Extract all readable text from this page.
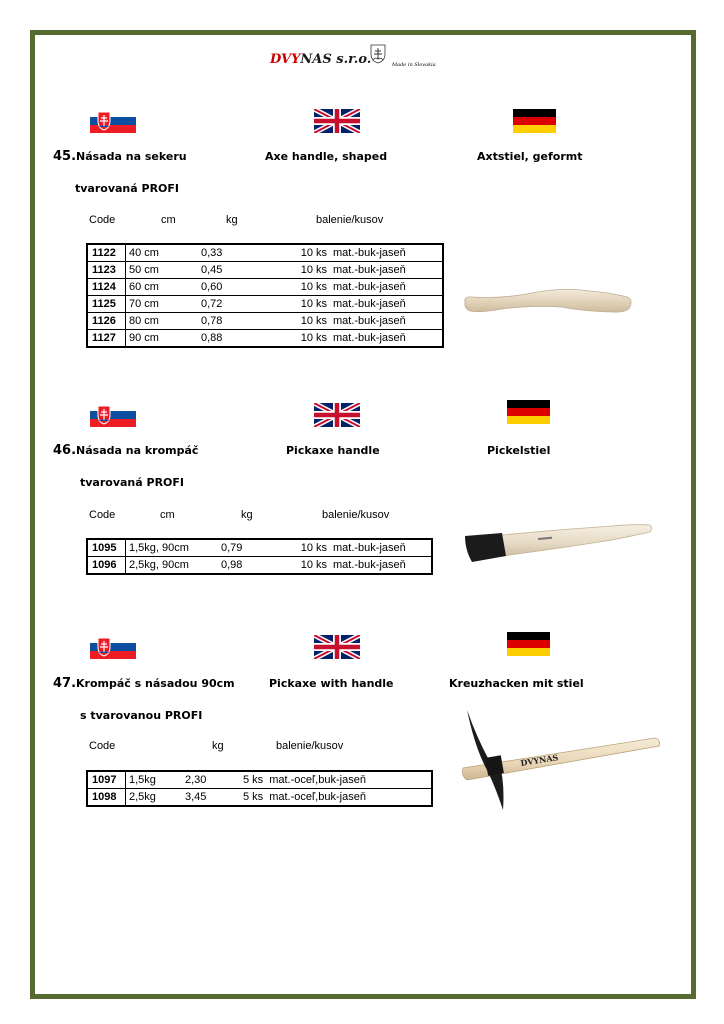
DVYNAS s.r.o.	Made in Slovakia
45.Násada na sekeru	Axe handle, shaped	Axtstiel, geformt
tvarovaná PROFI
Code	cm	kg	balenie/kusov
1122	40 cm	0,33	10 ks	mat.-buk-jaseň
1123	50 cm	0,45	10 ks	mat.-buk-jaseň
1124	60 cm	0,60	10 ks	mat.-buk-jaseň
1125	70 cm	0,72	10 ks	mat.-buk-jaseň
1126	80 cm	0,78	10 ks	mat.-buk-jaseň
1127	90 cm	0,88	10 ks	mat.-buk-jaseň
46.Násada na krompáč	Pickaxe handle	Pickelstiel
tvarovaná PROFI
Code	cm	kg	balenie/kusov
1095	1,5kg, 90cm	0,79	10 ks	mat.-buk-jaseň
1096	2,5kg, 90cm	0,98	10 ks	mat.-buk-jaseň
47.Krompáč s násadou 90cm	Pickaxe with handle	Kreuzhacken mit stiel
s tvarovanou PROFI
Code	kg	balenie/kusov
1097	1,5kg	2,30	5 ks	mat.-oceľ,buk-jaseň
1098	2,5kg	3,45	5 ks	mat.-oceľ,buk-jaseň
DVYNAS
